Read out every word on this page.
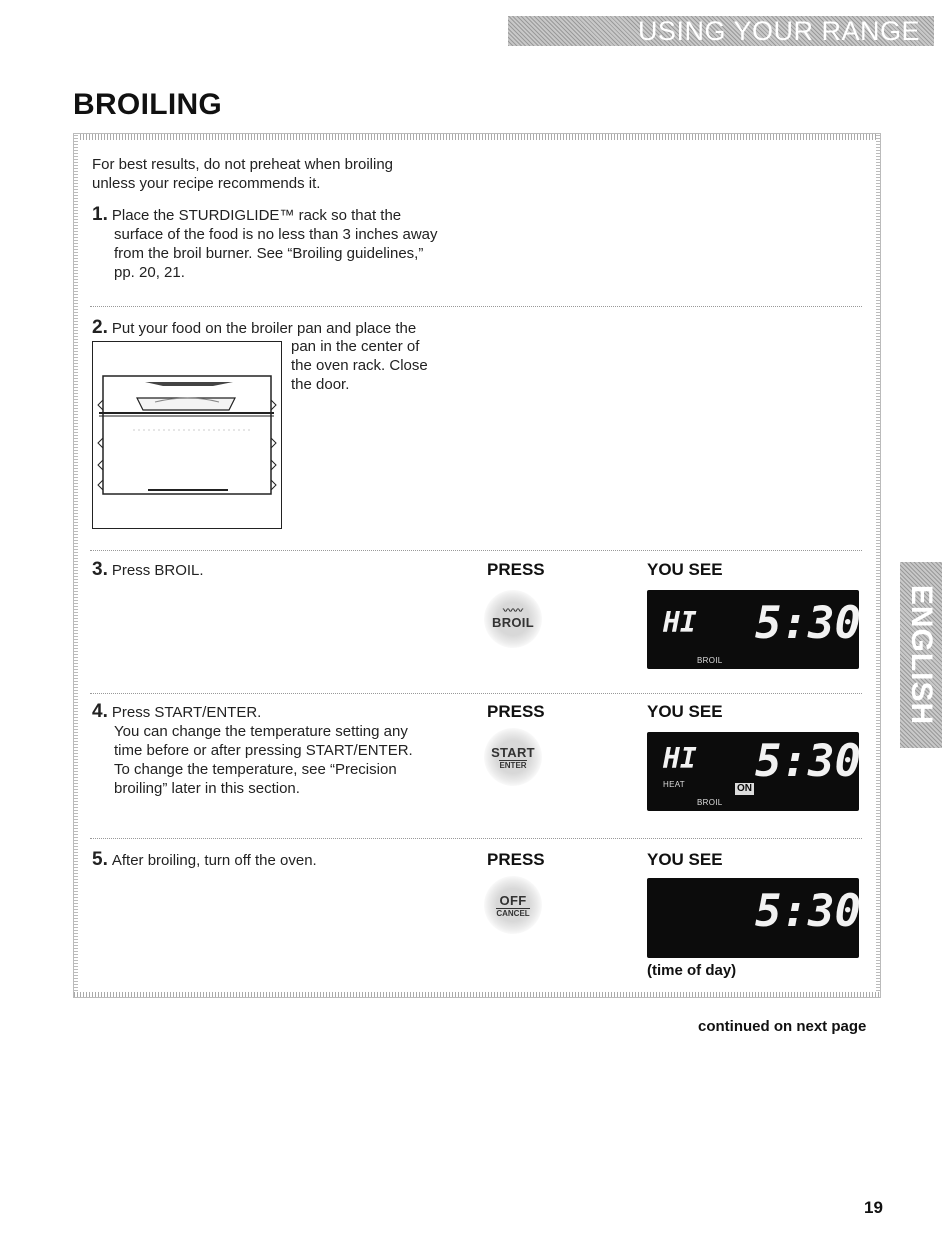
USING YOUR RANGE
BROILING
ENGLISH
For best results, do not preheat when broiling
unless your recipe recommends it.
1. Place the STURDIGLIDE™ rack so that the
surface of the food is no less than 3 inches away
from the broil burner. See “Broiling guidelines,”
pp. 20, 21.
2. Put your food on the broiler pan and place the
pan in the center of
the oven rack. Close
the door.
3. Press BROIL.	PRESS	YOU SEE
〰〰
BROIL	HI 5:30
BROIL
4. Press START/ENTER.
You can change the temperature setting any
time before or after pressing START/ENTER.
To change the temperature, see “Precision
broiling” later in this section.
PRESS	YOU SEE
START
ENTER	HI 5:30
HEAT	ON
BROIL
5. After broiling, turn off the oven.	PRESS	YOU SEE
OFF
CANCEL	5:30
(time of day)
continued on next page
19
